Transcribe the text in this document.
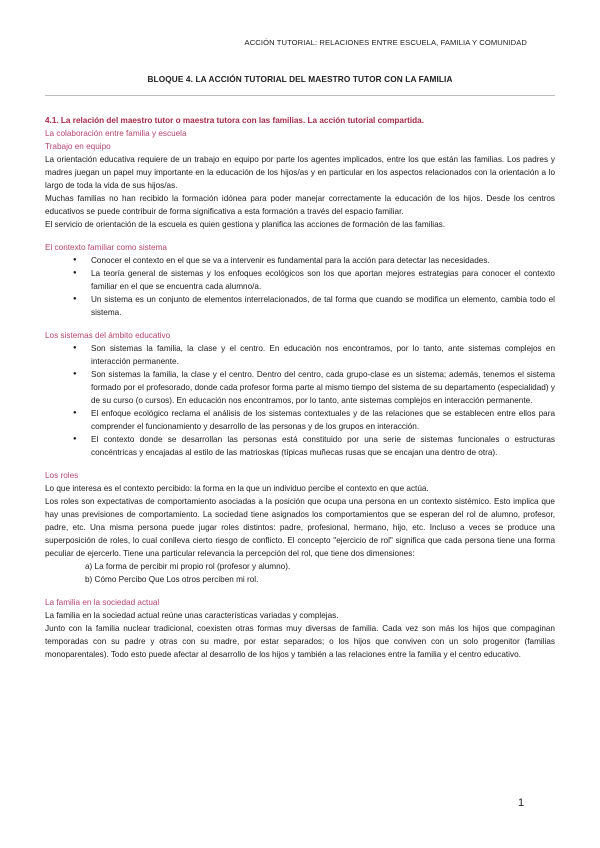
ACCIÓN TUTORIAL: RELACIONES ENTRE ESCUELA, FAMILIA Y COMUNIDAD
BLOQUE 4. LA ACCIÓN TUTORIAL DEL MAESTRO TUTOR CON LA FAMILIA

4.1. La relación del maestro tutor o maestra tutora con las familias. La acción tutorial compartida.

La colaboración entre familia y escuela

Trabajo en equipo

La orientación educativa requiere de un trabajo en equipo por parte los agentes implicados, entre los que están las familias. Los padres y madres juegan un papel muy importante en la educación de los hijos/as y en particular en los aspectos relacionados con la orientación a lo largo de toda la vida de sus hijos/as.

Muchas familias no han recibido la formación idónea para poder manejar correctamente la educación de los hijos. Desde los centros educativos se puede contribuir de forma significativa a esta formación a través del espacio familiar.

El servicio de orientación de la escuela es quien gestiona y planifica las acciones de formación de las familias.

El contexto familiar como sistema

● Conocer el contexto en el que se va a intervenir es fundamental para la acción para detectar las necesidades.
● La teoría general de sistemas y los enfoques ecológicos son los que aportan mejores estrategias para conocer el contexto familiar en el que se encuentra cada alumno/a.
● Un sistema es un conjunto de elementos interrelacionados, de tal forma que cuando se modifica un elemento, cambia todo el sistema.

Los sistemas del ámbito educativo

● Son sistemas la familia, la clase y el centro. En educación nos encontramos, por lo tanto, ante sistemas complejos en interacción permanente.
● Son sistemas la familia, la clase y el centro. Dentro del centro, cada grupo-clase es un sistema; además, tenemos el sistema formado por el profesorado, donde cada profesor forma parte al mismo tiempo del sistema de su departamento (especialidad) y de su curso (o cursos). En educación nos encontramos, por lo tanto, ante sistemas complejos en interacción permanente.
● El enfoque ecológico reclama el análisis de los sistemas contextuales y de las relaciones que se establecen entre ellos para comprender el funcionamiento y desarrollo de las personas y de los grupos en interacción.
● El contexto donde se desarrollan las personas está constituido por una serie de sistemas funcionales o estructuras concéntricas y encajadas al estilo de las matrioskas (típicas muñecas rusas que se encajan una dentro de otra).

Los roles

Lo que interesa es el contexto percibido: la forma en la que un individuo percibe el contexto en que actúa.

Los roles son expectativas de comportamiento asociadas a la posición que ocupa una persona en un contexto sistémico. Esto implica que hay unas previsiones de comportamiento. La sociedad tiene asignados los comportamientos que se esperan del rol de alumno, profesor, padre, etc. Una misma persona puede jugar roles distintos: padre, profesional, hermano, hijo, etc. Incluso a veces se produce una superposición de roles, lo cual conlleva cierto riesgo de conflicto. El concepto "ejercicio de rol" significa que cada persona tiene una forma peculiar de ejercerlo. Tiene una particular relevancia la percepción del rol, que tiene dos dimensiones:

a) La forma de percibir mi propio rol (profesor y alumno).

b) Cómo Percibo Que Los otros perciben mi rol.

La familia en la sociedad actual

La familia en la sociedad actual reúne unas características variadas y complejas.

Junto con la familia nuclear tradicional, coexisten otras formas muy diversas de familia. Cada vez son más los hijos que compaginan temporadas con su padre y otras con su madre, por estar separados; o los hijos que conviven con un solo progenitor (familias monoparentales). Todo esto puede afectar al desarrollo de los hijos y también a las relaciones entre la familia y el centro educativo.

1
